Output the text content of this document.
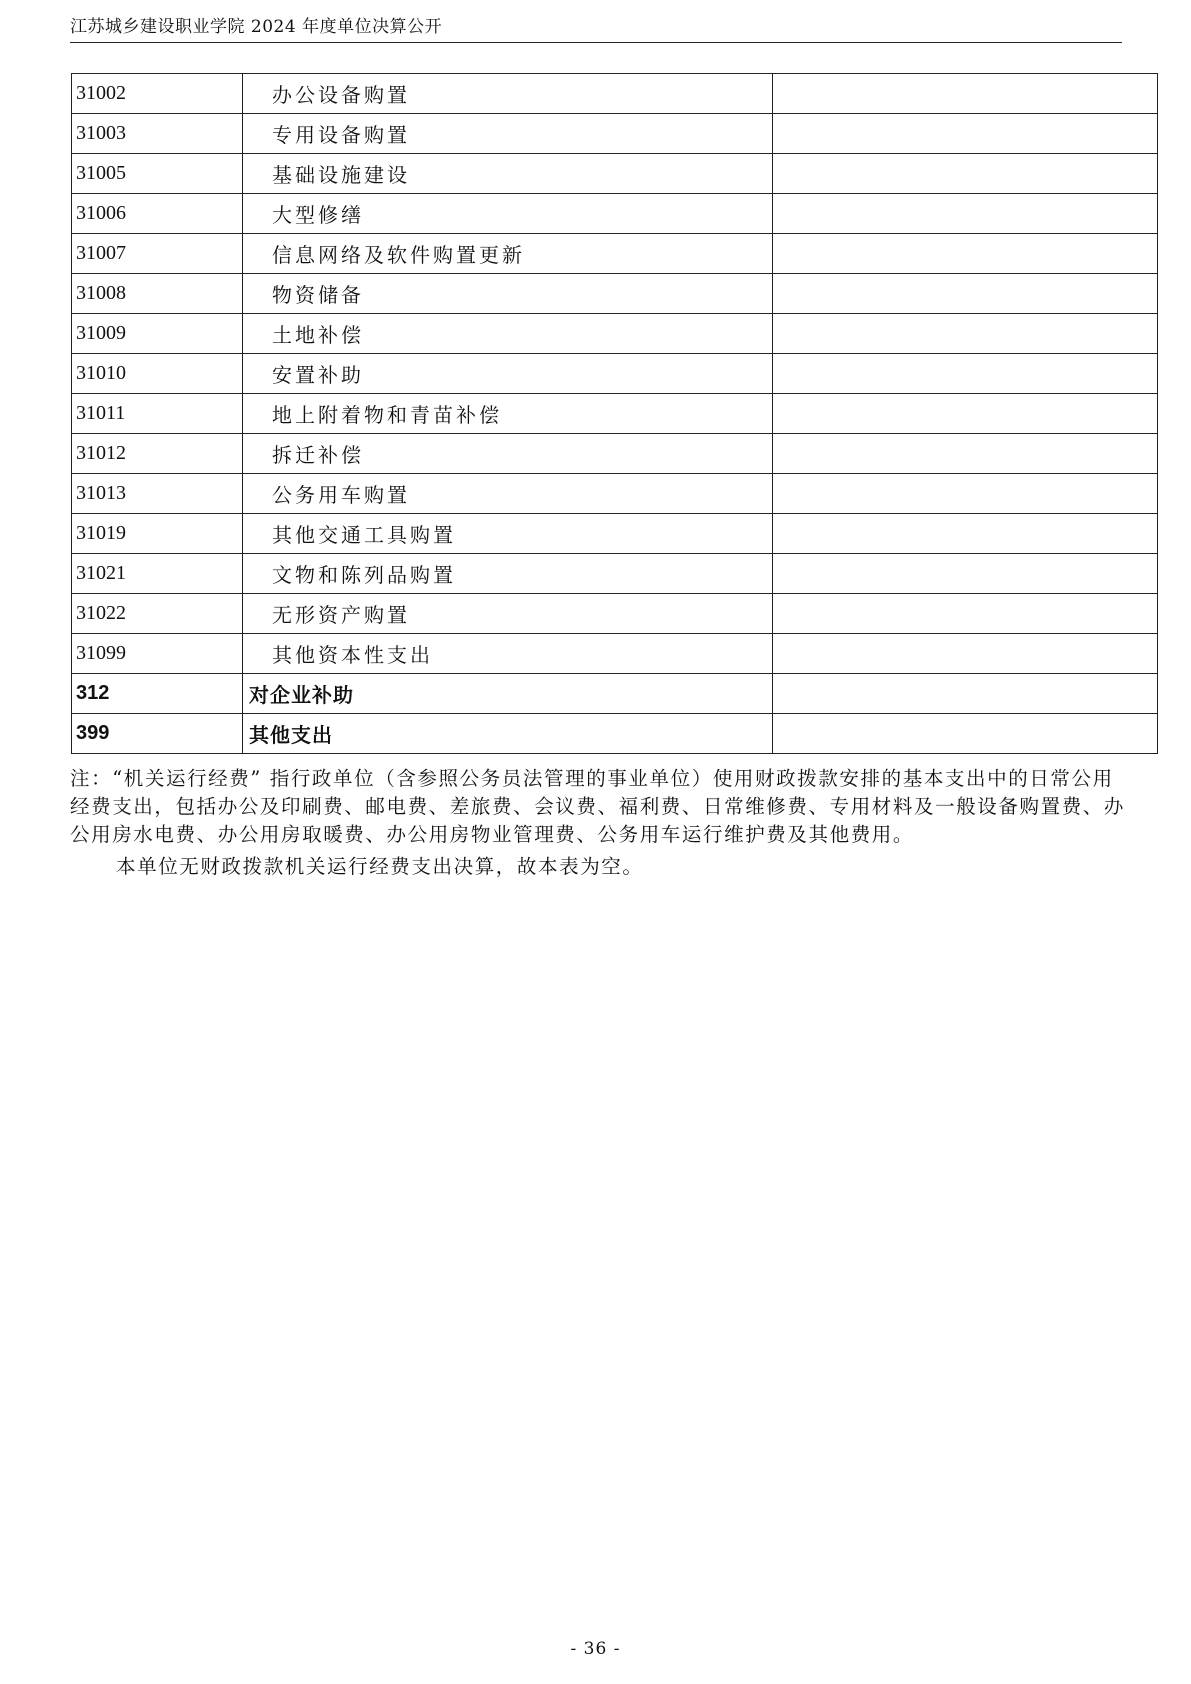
江苏城乡建设职业学院 2024 年度单位决算公开
31002	办公设备购置	
31003	专用设备购置	
31005	基础设施建设	
31006	大型修缮	
31007	信息网络及软件购置更新	
31008	物资储备	
31009	土地补偿	
31010	安置补助	
31011	地上附着物和青苗补偿	
31012	拆迁补偿	
31013	公务用车购置	
31019	其他交通工具购置	
31021	文物和陈列品购置	
31022	无形资产购置	
31099	其他资本性支出	
312	对企业补助	
399	其他支出	
注：“机关运行经费” 指行政单位（含参照公务员法管理的事业单位）使用财政拨款安排的基本支出中的日常公用经费支出，包括办公及印刷费、邮电费、差旅费、会议费、福利费、日常维修费、专用材料及一般设备购置费、办公用房水电费、办公用房取暖费、办公用房物业管理费、公务用车运行维护费及其他费用。
本单位无财政拨款机关运行经费支出决算，故本表为空。
- 36 -
